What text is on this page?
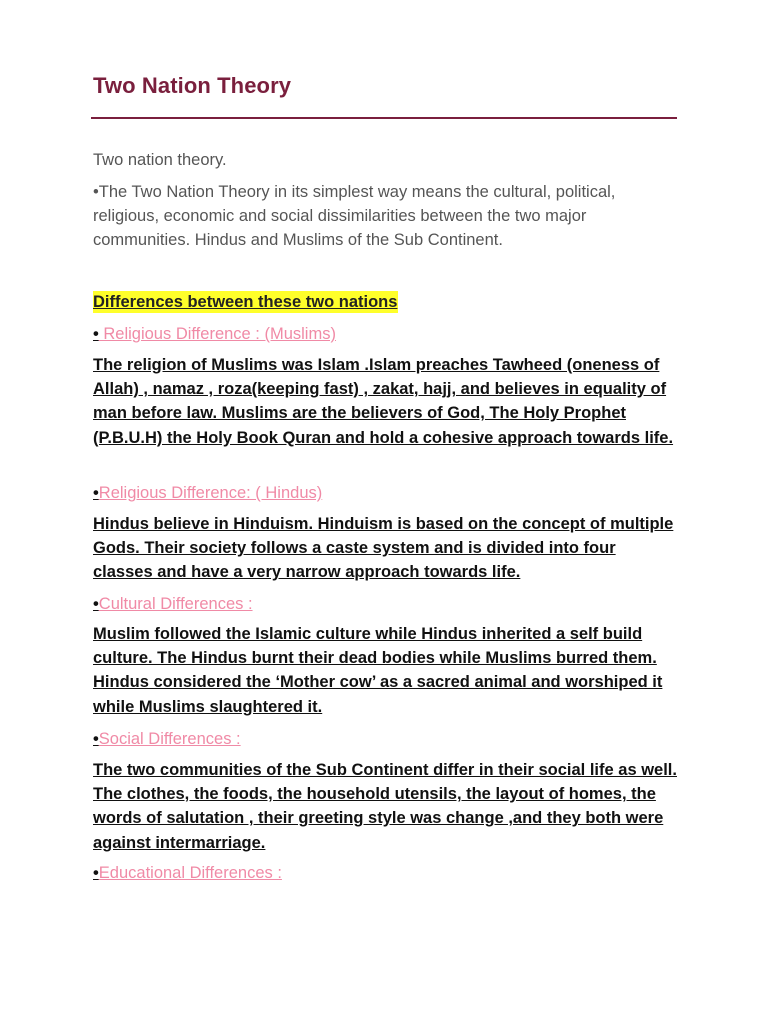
Two Nation Theory

Two nation theory.

•The Two Nation Theory in its simplest way means the cultural, political, religious, economic and social dissimilarities between the two major communities. Hindus and Muslims of the Sub Continent.

Differences between these two nations

• Religious Difference : (Muslims)

The religion of Muslims was Islam .Islam preaches Tawheed (oneness of Allah) , namaz , roza(keeping fast) , zakat, hajj, and believes in equality of man before law. Muslims are the believers of God, The Holy Prophet (P.B.U.H) the Holy Book Quran and hold a cohesive approach towards life.

•Religious Difference: ( Hindus)

Hindus believe in Hinduism. Hinduism is based on the concept of multiple Gods. Their society follows a caste system and is divided into four classes and have a very narrow approach towards life.

•Cultural Differences :

Muslim followed the Islamic culture while Hindus inherited a self build culture. The Hindus burnt their dead bodies while Muslims burred them. Hindus considered the ‘Mother cow’ as a sacred animal and worshiped it while Muslims slaughtered it.

•Social Differences :

The two communities of the Sub Continent differ in their social life as well. The clothes, the foods, the household utensils, the layout of homes, the words of salutation , their greeting style was change ,and they both were against intermarriage.

•Educational Differences :
